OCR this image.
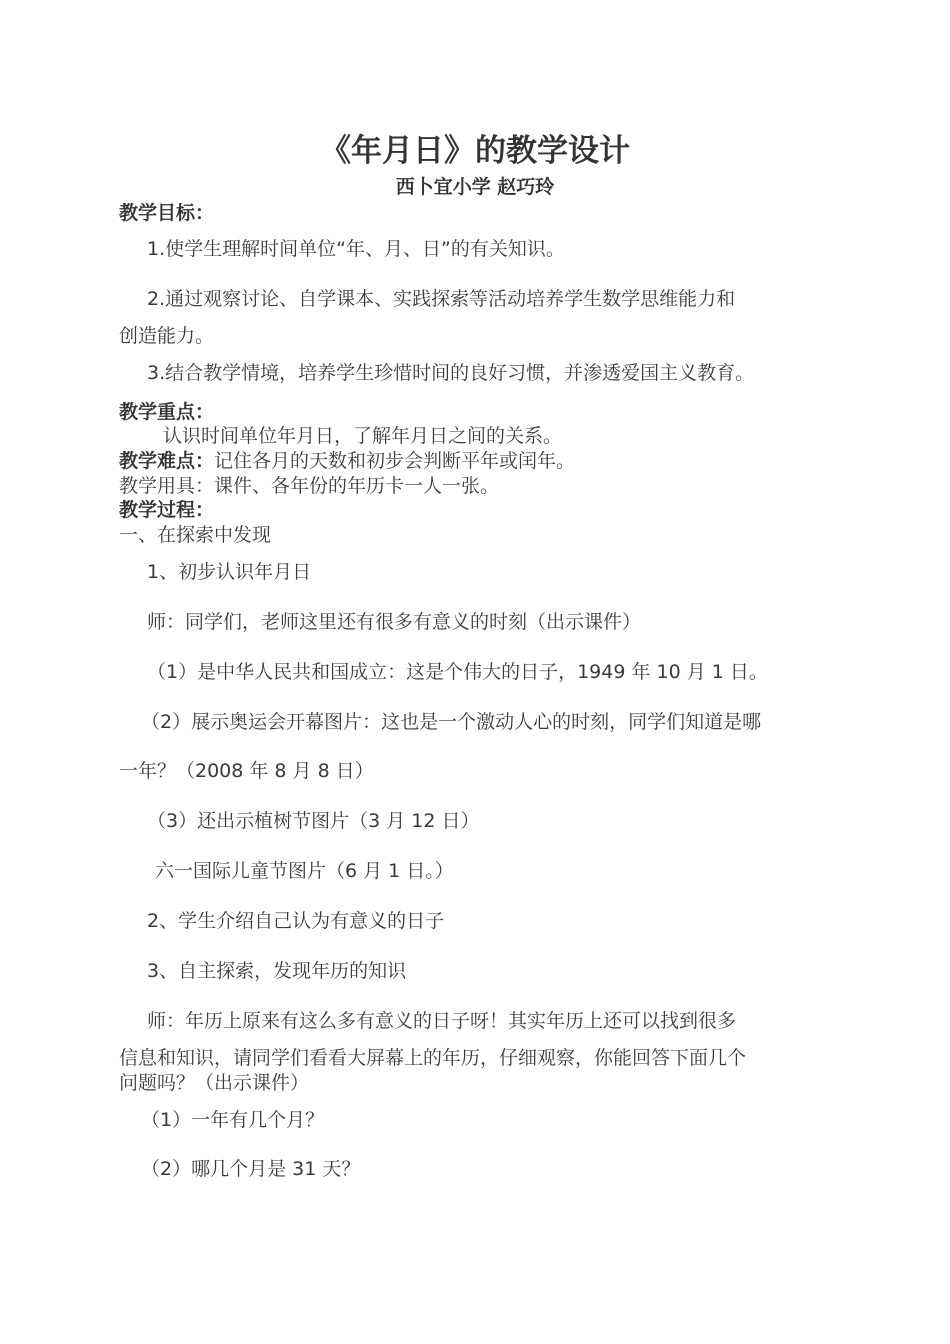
《年月日》的教学设计
西卜宜小学 赵巧玲
教学目标：
1.使学生理解时间单位“年、月、日”的有关知识。
2.通过观察讨论、自学课本、实践探索等活动培养学生数学思维能力和
创造能力。
3.结合教学情境，培养学生珍惜时间的良好习惯，并渗透爱国主义教育。
教学重点：
认识时间单位年月日，了解年月日之间的关系。
教学难点：记住各月的天数和初步会判断平年或闰年。
教学用具：课件、各年份的年历卡一人一张。
教学过程：
一、在探索中发现
1、初步认识年月日
师：同学们，老师这里还有很多有意义的时刻（出示课件）
（1）是中华人民共和国成立：这是个伟大的日子，1949 年 10 月 1 日。
（2）展示奥运会开幕图片：这也是一个激动人心的时刻，同学们知道是哪
一年？（2008 年 8 月 8 日）
（3）还出示植树节图片（3 月 12 日）
六一国际儿童节图片（6 月 1 日。）
2、学生介绍自己认为有意义的日子
3、自主探索，发现年历的知识
师：年历上原来有这么多有意义的日子呀！其实年历上还可以找到很多
信息和知识，请同学们看看大屏幕上的年历，仔细观察，你能回答下面几个
问题吗？（出示课件）
（1）一年有几个月？
（2）哪几个月是 31 天？
